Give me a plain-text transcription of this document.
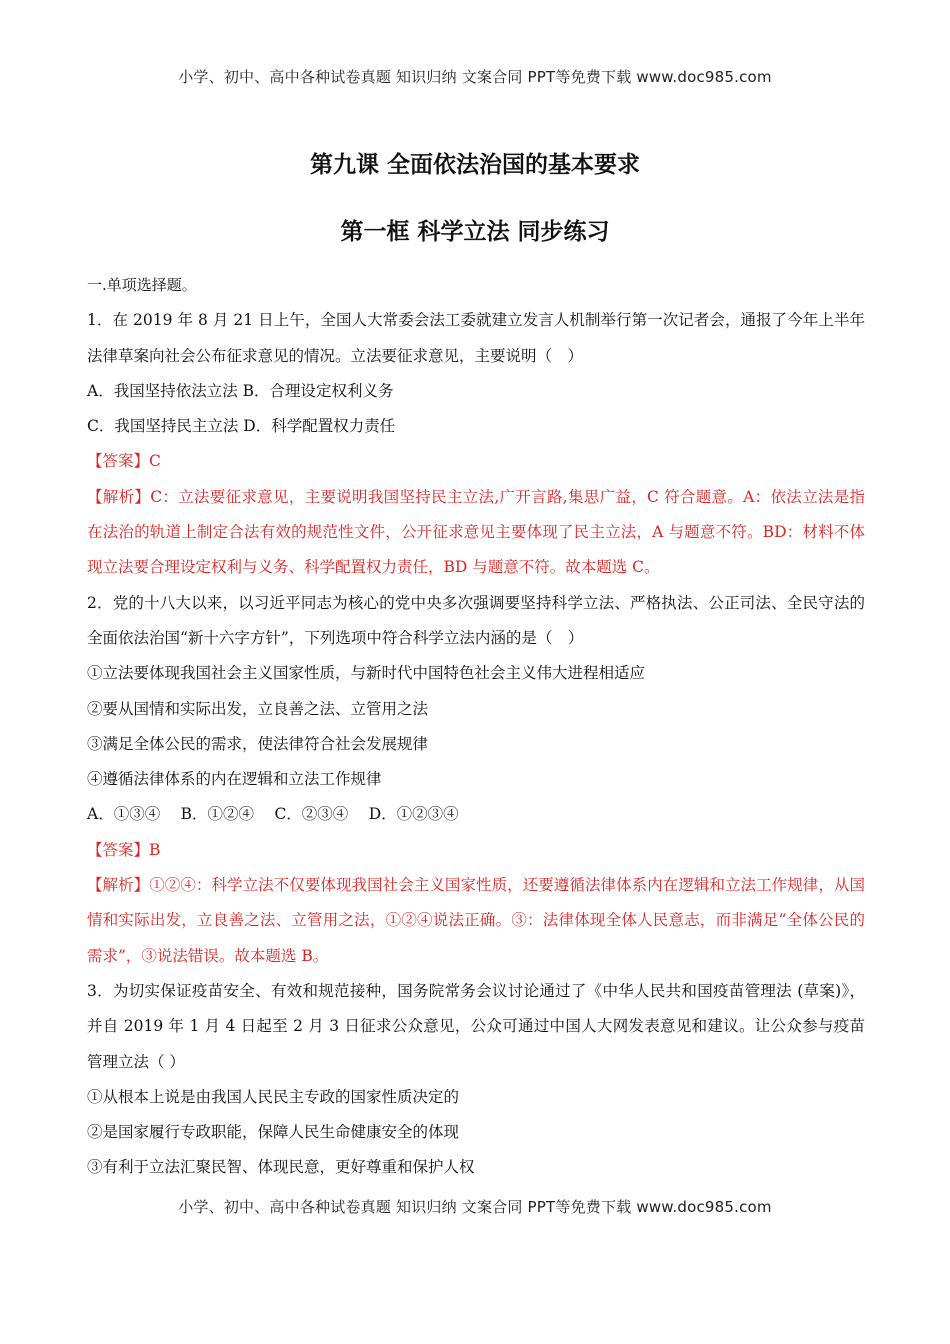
小学、初中、高中各种试卷真题 知识归纳 文案合同 PPT等免费下载 www.doc985.com
第九课 全面依法治国的基本要求
第一框 科学立法 同步练习

一.单项选择题。

1．在 2019 年 8 月 21 日上午，全国人大常委会法工委就建立发言人机制举行第一次记者会，通报了今年上半年法律草案向社会公布征求意见的情况。立法要征求意见，主要说明（　）

A．我国坚持依法立法 B．合理设定权利义务

C．我国坚持民主立法 D．科学配置权力责任

【答案】C

【解析】C：立法要征求意见，主要说明我国坚持民主立法,广开言路,集思广益，C 符合题意。A：依法立法是指在法治的轨道上制定合法有效的规范性文件，公开征求意见主要体现了民主立法，A 与题意不符。BD：材料不体现立法要合理设定权利与义务、科学配置权力责任，BD 与题意不符。故本题选 C。

2．党的十八大以来，以习近平同志为核心的党中央多次强调要坚持科学立法、严格执法、公正司法、全民守法的全面依法治国“新十六字方针”，下列选项中符合科学立法内涵的是（　）

①立法要体现我国社会主义国家性质，与新时代中国特色社会主义伟大进程相适应

②要从国情和实际出发，立良善之法、立管用之法

③满足全体公民的需求，使法律符合社会发展规律

④遵循法律体系的内在逻辑和立法工作规律

A．①③④　 B．①②④　 C．②③④　 D．①②③④

【答案】B

【解析】①②④：科学立法不仅要体现我国社会主义国家性质，还要遵循法律体系内在逻辑和立法工作规律，从国情和实际出发，立良善之法、立管用之法，①②④说法正确。③：法律体现全体人民意志，而非满足“全体公民的需求”，③说法错误。故本题选 B。

3．为切实保证疫苗安全、有效和规范接种，国务院常务会议讨论通过了《中华人民共和国疫苗管理法 (草案)》，并自 2019 年 1 月 4 日起至 2 月 3 日征求公众意见，公众可通过中国人大网发表意见和建议。让公众参与疫苗管理立法（ ）

①从根本上说是由我国人民民主专政的国家性质决定的

②是国家履行专政职能，保障人民生命健康安全的体现

③有利于立法汇聚民智、体现民意，更好尊重和保护人权

小学、初中、高中各种试卷真题 知识归纳 文案合同 PPT等免费下载 www.doc985.com
